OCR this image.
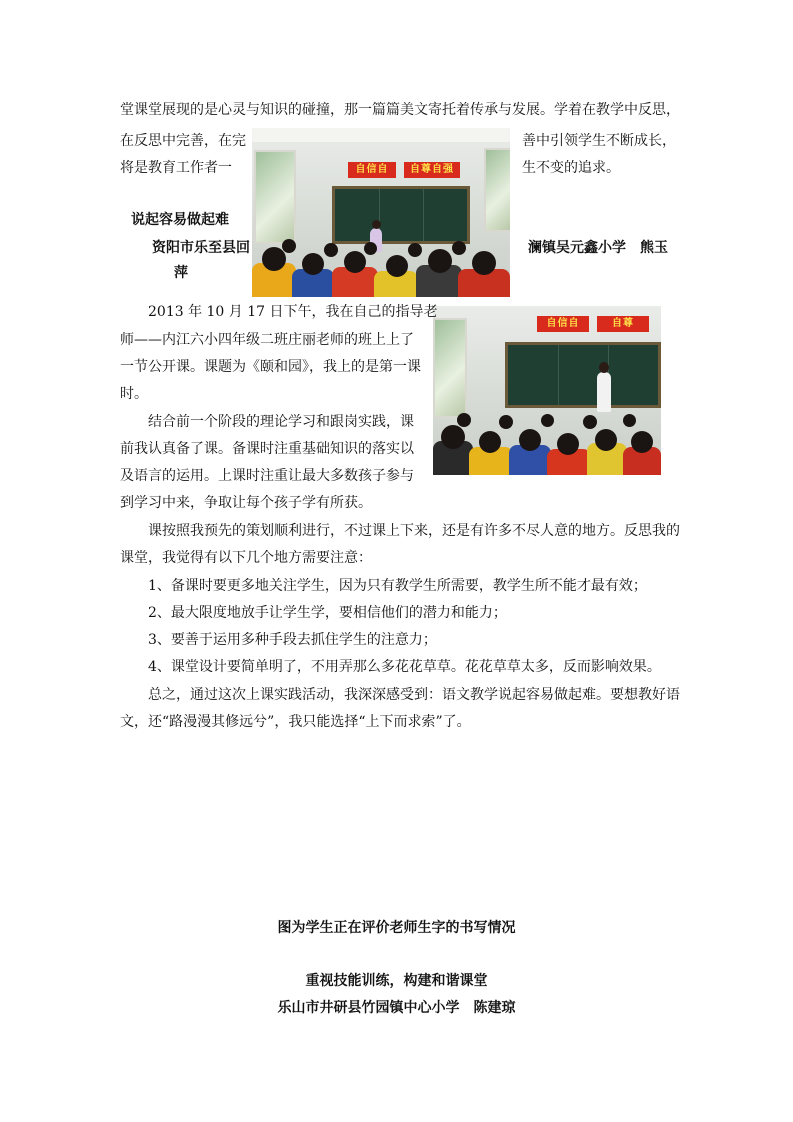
堂课堂展现的是心灵与知识的碰撞，那一篇篇美文寄托着传承与发展。学着在教学中反思，
在反思中完善，在完	善中引领学生不断成长，
将是教育工作者一	生不变的追求。
自信自	自尊自强
说起容易做起难
资阳市乐至县回	澜镇吴元鑫小学　熊玉
萍
自信自	自尊
2013 年 10 月 17 日下午，我在自己的指导老
师——内江六小四年级二班庄丽老师的班上上了
一节公开课。课题为《颐和园》，我上的是第一课
时。
结合前一个阶段的理论学习和跟岗实践，课
前我认真备了课。备课时注重基础知识的落实以
及语言的运用。上课时注重让最大多数孩子参与
到学习中来，争取让每个孩子学有所获。
课按照我预先的策划顺利进行，不过课上下来，还是有许多不尽人意的地方。反思我的
课堂，我觉得有以下几个地方需要注意：
1、备课时要更多地关注学生，因为只有教学生所需要，教学生所不能才最有效；
2、最大限度地放手让学生学，要相信他们的潜力和能力；
3、要善于运用多种手段去抓住学生的注意力；
4、课堂设计要简单明了，不用弄那么多花花草草。花花草草太多，反而影响效果。
总之，通过这次上课实践活动，我深深感受到：语文教学说起容易做起难。要想教好语
文，还“路漫漫其修远兮”，我只能选择“上下而求索”了。
图为学生正在评价老师生字的书写情况
重视技能训练，构建和谐课堂
乐山市井研县竹园镇中心小学　陈建琼
